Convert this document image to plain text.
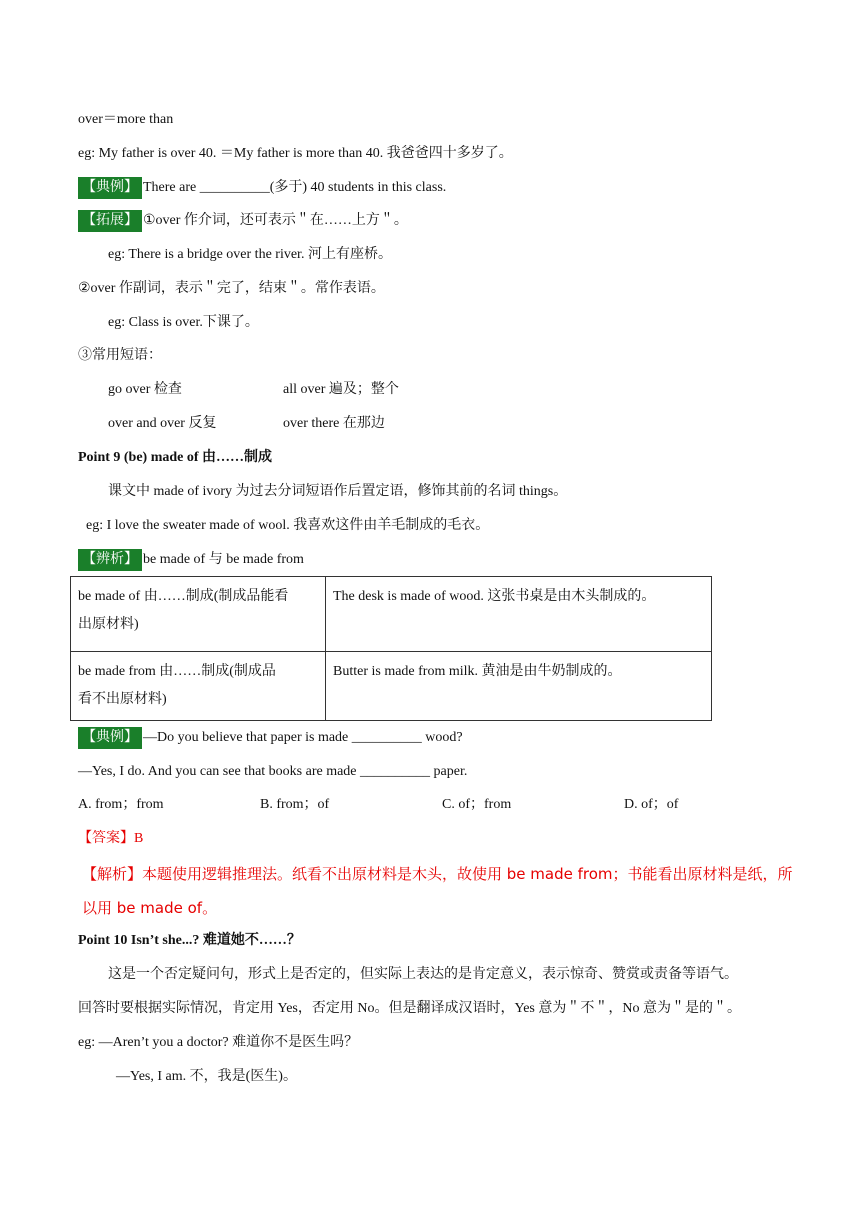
over＝more than
eg: My father is over 40. ＝My father is more than 40. 我爸爸四十多岁了。
【典例】 There are __________(多于) 40 students in this class.
【拓展】 ①over 作介词，还可表示＂在……上方＂。
eg: There is a bridge over the river. 河上有座桥。
②over 作副词，表示＂完了，结束＂。常作表语。
eg: Class is over.下课了。
③常用短语：
go over 检查	all over 遍及；整个
over and over 反复	over there 在那边
Point 9 (be) made of 由……制成
课文中 made of ivory 为过去分词短语作后置定语，修饰其前的名词 things。
eg: I love the sweater made of wool. 我喜欢这件由羊毛制成的毛衣。
【辨析】 be made of 与 be made from
be made of 由……制成(制成品能看
出原材料)	The desk is made of wood. 这张书桌是由木头制成的。

be made from 由……制成(制成品
看不出原材料)	Butter is made from milk. 黄油是由牛奶制成的。
【典例】 —Do you believe that paper is made __________ wood?
—Yes, I do. And you can see that books are made __________ paper.
A. from；from	B. from；of	C. of；from	D. of；of
【答案】B
【解析】本题使用逻辑推理法。纸看不出原材料是木头，故使用 be made from；书能看出原材料是纸，所以用 be made of。
Point 10 Isn’t she...? 难道她不……？
这是一个否定疑问句，形式上是否定的，但实际上表达的是肯定意义，表示惊奇、赞赏或责备等语气。
回答时要根据实际情况，肯定用 Yes，否定用 No。但是翻译成汉语时，Yes 意为＂不＂，No 意为＂是的＂。
eg: —Aren’t you a doctor? 难道你不是医生吗？
—Yes, I am. 不，我是(医生)。
